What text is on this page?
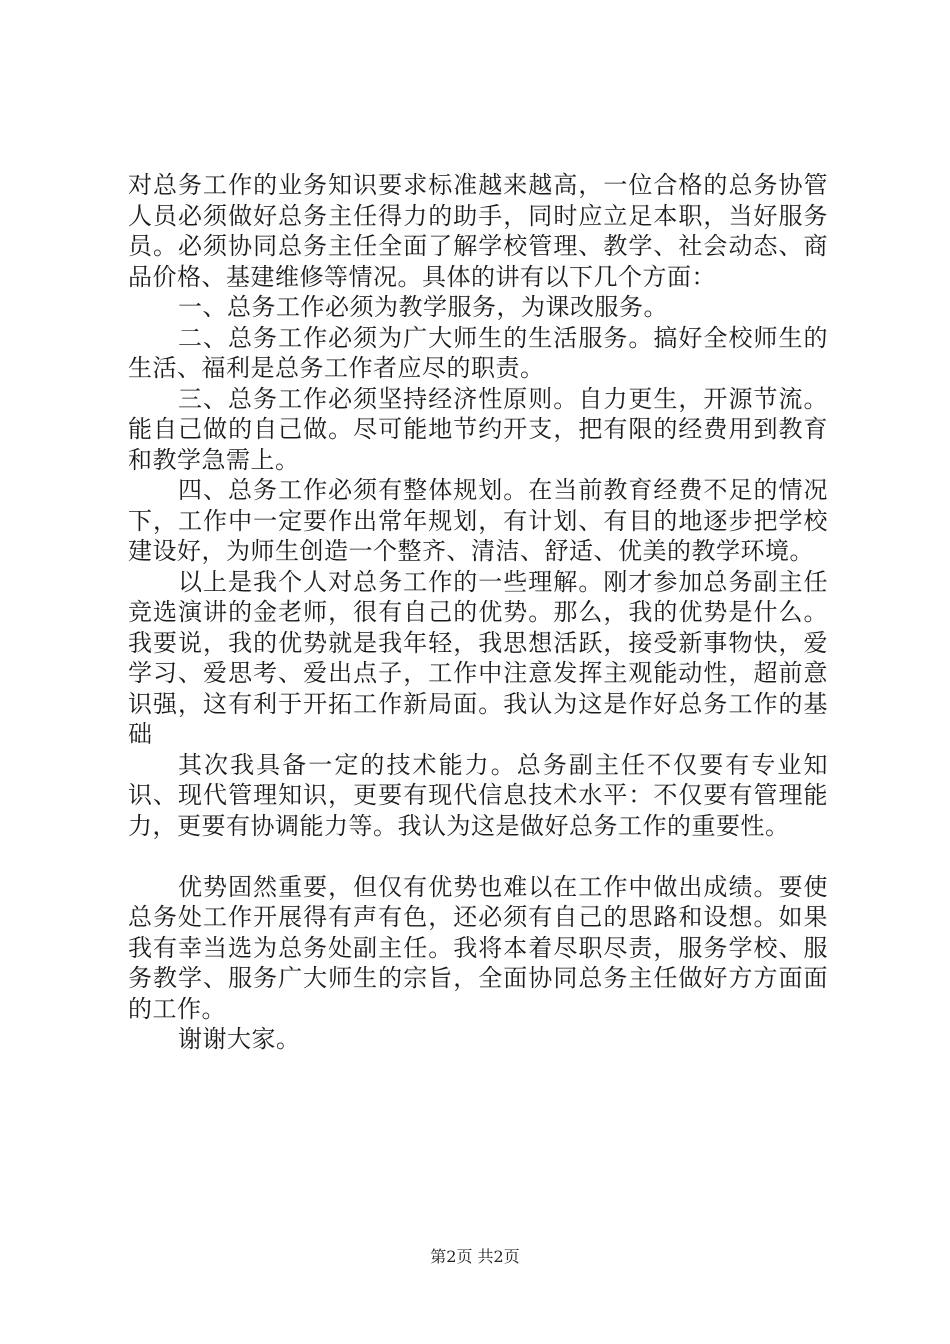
对总务工作的业务知识要求标准越来越高，一位合格的总务协管人员必须做好总务主任得力的助手，同时应立足本职，当好服务员。必须协同总务主任全面了解学校管理、教学、社会动态、商品价格、基建维修等情况。具体的讲有以下几个方面：

一、总务工作必须为教学服务，为课改服务。

二、总务工作必须为广大师生的生活服务。搞好全校师生的生活、福利是总务工作者应尽的职责。

三、总务工作必须坚持经济性原则。自力更生，开源节流。能自己做的自己做。尽可能地节约开支，把有限的经费用到教育和教学急需上。

四、总务工作必须有整体规划。在当前教育经费不足的情况下，工作中一定要作出常年规划，有计划、有目的地逐步把学校建设好，为师生创造一个整齐、清洁、舒适、优美的教学环境。

以上是我个人对总务工作的一些理解。刚才参加总务副主任竞选演讲的金老师，很有自己的优势。那么，我的优势是什么。我要说，我的优势就是我年轻，我思想活跃，接受新事物快，爱学习、爱思考、爱出点子，工作中注意发挥主观能动性，超前意识强，这有利于开拓工作新局面。我认为这是作好总务工作的基础

其次我具备一定的技术能力。总务副主任不仅要有专业知识、现代管理知识，更要有现代信息技术水平：不仅要有管理能力，更要有协调能力等。我认为这是做好总务工作的重要性。

优势固然重要，但仅有优势也难以在工作中做出成绩。要使总务处工作开展得有声有色，还必须有自己的思路和设想。如果我有幸当选为总务处副主任。我将本着尽职尽责，服务学校、服务教学、服务广大师生的宗旨，全面协同总务主任做好方方面面的工作。

谢谢大家。

第2页 共2页
